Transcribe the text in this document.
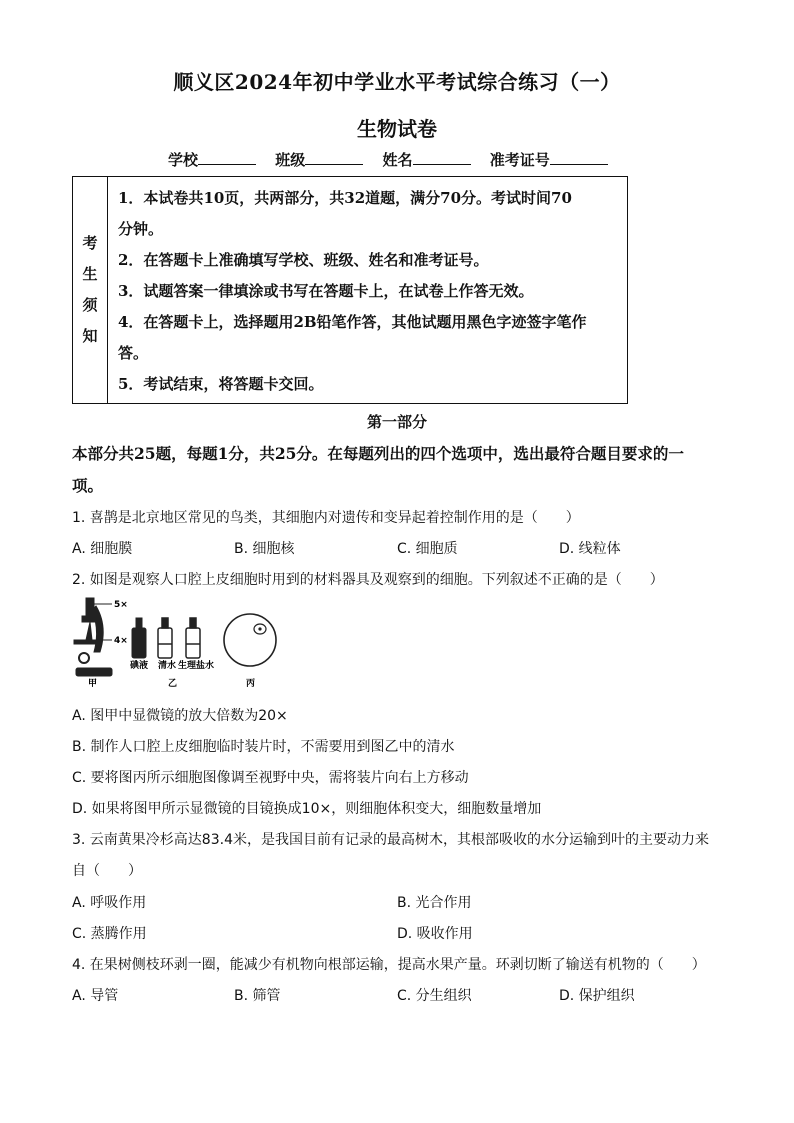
顺义区2024年初中学业水平考试综合练习（一）
生物试卷
学校	班级	姓名	准考证号
考
生
须
知
1．本试卷共10页，共两部分，共32道题，满分70分。考试时间70
分钟。
2．在答题卡上准确填写学校、班级、姓名和准考证号。
3．试题答案一律填涂或书写在答题卡上，在试卷上作答无效。
4．在答题卡上，选择题用2B铅笔作答，其他试题用黑色字迹签字笔作
答。
5．考试结束，将答题卡交回。
第一部分
本部分共25题，每题1分，共25分。在每题列出的四个选项中，选出最符合题目要求的一
项。
1. 喜鹊是北京地区常见的鸟类，其细胞内对遗传和变异起着控制作用的是（　　）
A. 细胞膜	B. 细胞核	C. 细胞质	D. 线粒体
2. 如图是观察人口腔上皮细胞时用到的材料器具及观察到的细胞。下列叙述不正确的是（　　）
5×
4×
甲
碘液 清水 生理盐水
乙	丙
A. 图甲中显微镜的放大倍数为20×
B. 制作人口腔上皮细胞临时装片时，不需要用到图乙中的清水
C. 要将图丙所示细胞图像调至视野中央，需将装片向右上方移动
D. 如果将图甲所示显微镜的目镜换成10×，则细胞体积变大，细胞数量增加
3. 云南黄果冷杉高达83.4米，是我国目前有记录的最高树木，其根部吸收的水分运输到叶的主要动力来
自（　　）
A. 呼吸作用	B. 光合作用
C. 蒸腾作用	D. 吸收作用
4. 在果树侧枝环剥一圈，能减少有机物向根部运输，提高水果产量。环剥切断了输送有机物的（　　）
A. 导管	B. 筛管	C. 分生组织	D. 保护组织
